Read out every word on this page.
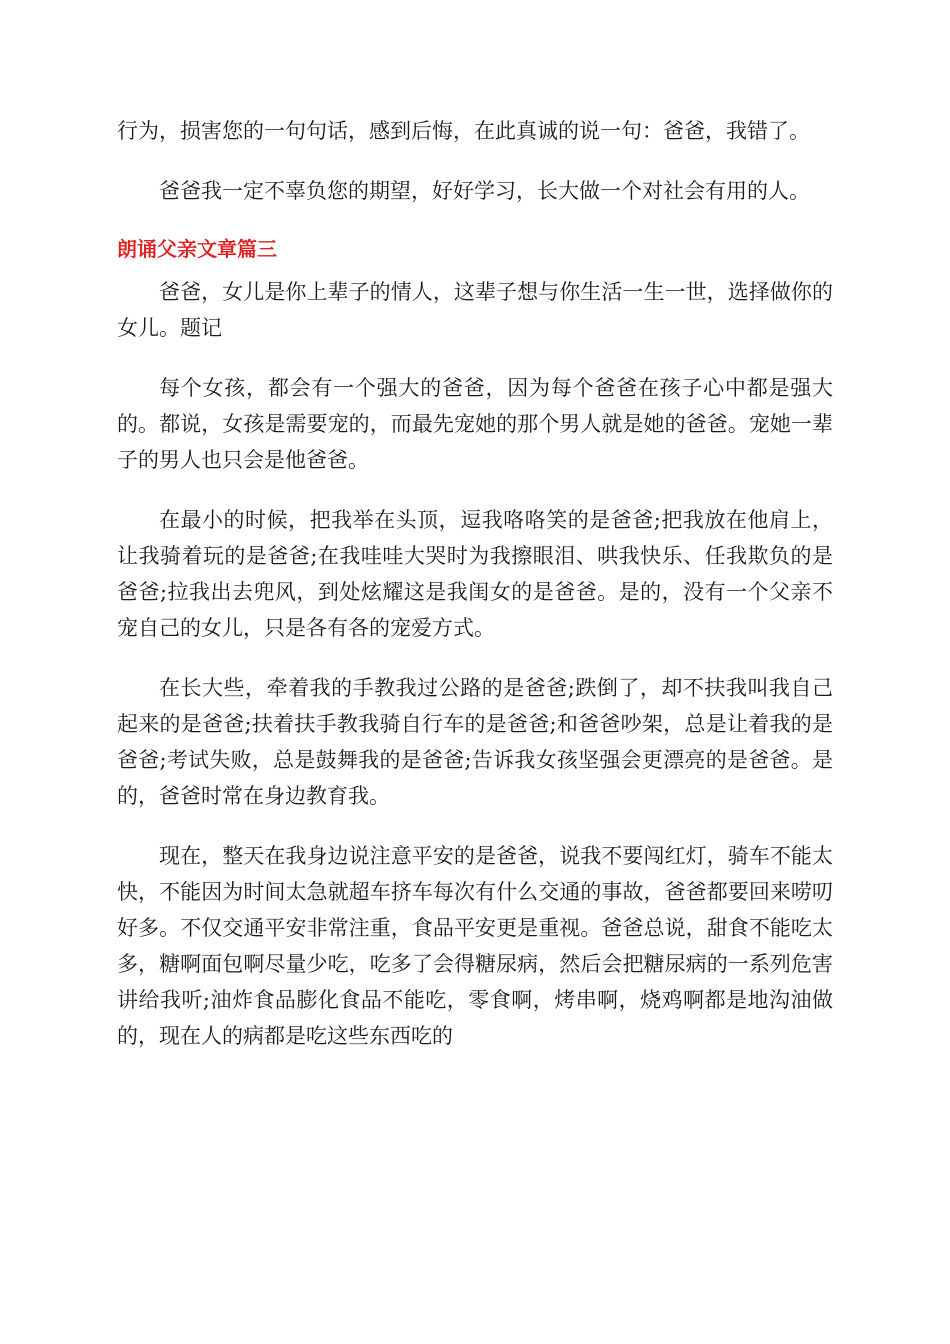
行为，损害您的一句句话，感到后悔，在此真诚的说一句：爸爸，我错了。

爸爸我一定不辜负您的期望，好好学习，长大做一个对社会有用的人。

朗诵父亲文章篇三

爸爸，女儿是你上辈子的情人，这辈子想与你生活一生一世，选择做你的女儿。题记

每个女孩，都会有一个强大的爸爸，因为每个爸爸在孩子心中都是强大的。都说，女孩是需要宠的，而最先宠她的那个男人就是她的爸爸。宠她一辈子的男人也只会是他爸爸。

在最小的时候，把我举在头顶，逗我咯咯笑的是爸爸;把我放在他肩上，让我骑着玩的是爸爸;在我哇哇大哭时为我擦眼泪、哄我快乐、任我欺负的是爸爸;拉我出去兜风，到处炫耀这是我闺女的是爸爸。是的，没有一个父亲不宠自己的女儿，只是各有各的宠爱方式。

在长大些，牵着我的手教我过公路的是爸爸;跌倒了，却不扶我叫我自己起来的是爸爸;扶着扶手教我骑自行车的是爸爸;和爸爸吵架，总是让着我的是爸爸;考试失败，总是鼓舞我的是爸爸;告诉我女孩坚强会更漂亮的是爸爸。是的，爸爸时常在身边教育我。

现在，整天在我身边说注意平安的是爸爸，说我不要闯红灯，骑车不能太快，不能因为时间太急就超车挤车每次有什么交通的事故，爸爸都要回来唠叨好多。不仅交通平安非常注重，食品平安更是重视。爸爸总说，甜食不能吃太多，糖啊面包啊尽量少吃，吃多了会得糖尿病，然后会把糖尿病的一系列危害讲给我听;油炸食品膨化食品不能吃，零食啊，烤串啊，烧鸡啊都是地沟油做的，现在人的病都是吃这些东西吃的
